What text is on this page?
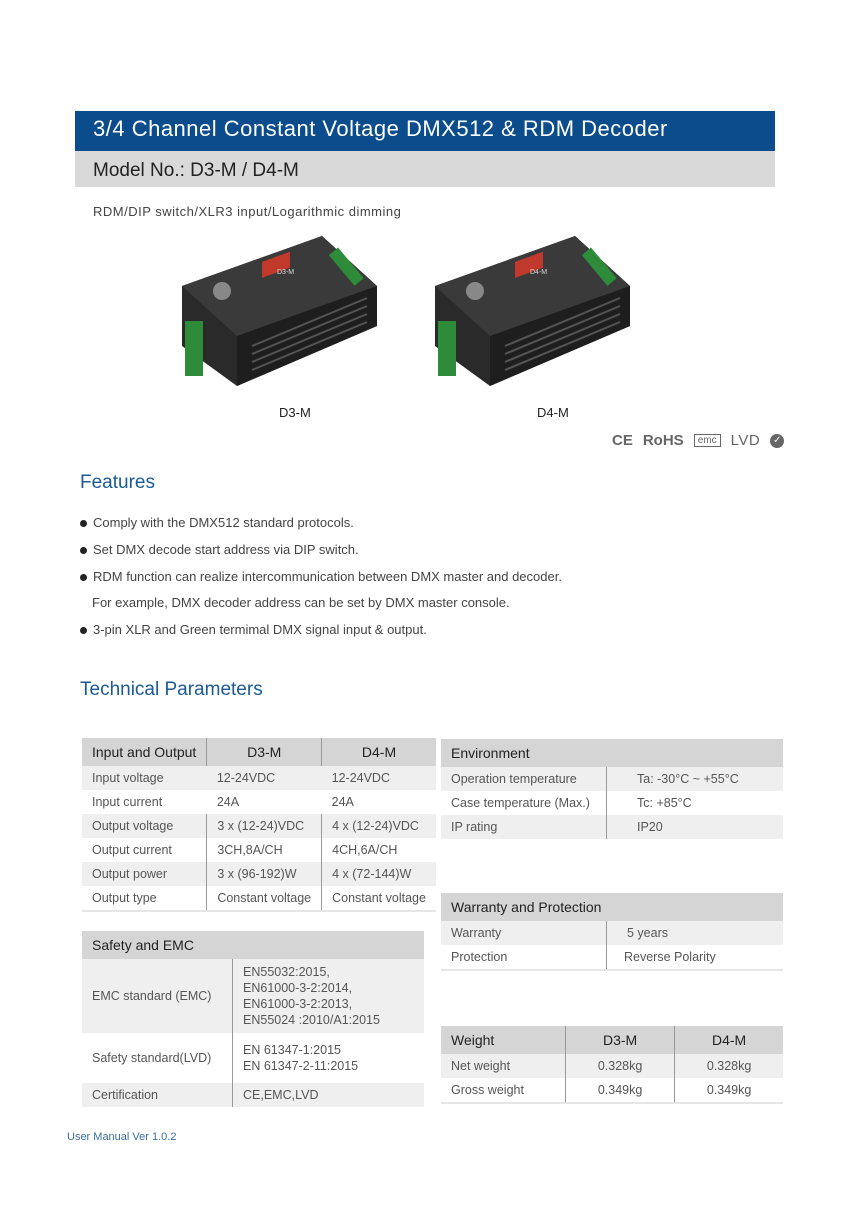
3/4 Channel Constant Voltage DMX512 & RDM Decoder
Model No.: D3-M / D4-M
RDM/DIP switch/XLR3 input/Logarithmic dimming
D3-M	D4-M
D3-M	D4-M
CE RoHS	emc LVD ✓
Features
Comply with the DMX512 standard protocols.
Set DMX decode start address via DIP switch.
RDM function can realize intercommunication between DMX master and decoder.
For example, DMX decoder address can be set by DMX master console.
3-pin XLR and Green termimal DMX signal input & output.
Technical Parameters
Input and Output	D3-M	D4-M
Input voltage	12-24VDC	12-24VDC
Input current	24A	24A
Output voltage	3 x (12-24)VDC	4 x (12-24)VDC
Output current	3CH,8A/CH	4CH,6A/CH
Output power	3 x (96-192)W	4 x (72-144)W
Output type	Constant voltage	Constant voltage
Safety and EMC	
EMC standard (EMC)	EN55032:2015,
EN61000-3-2:2014,
EN61000-3-2:2013,
EN55024 :2010/A1:2015

Safety standard(LVD)	EN 61347-1:2015
EN 61347-2-11:2015

Certification	CE,EMC,LVD
Environment	
Operation temperature	Ta: -30°C ~ +55°C
Case temperature (Max.)	Tc: +85°C
IP rating	IP20
Warranty and Protection	
Warranty	5 years
Protection	Reverse Polarity
Weight	D3-M	D4-M
Net weight	0.328kg	0.328kg
Gross weight	0.349kg	0.349kg
User Manual Ver 1.0.2
